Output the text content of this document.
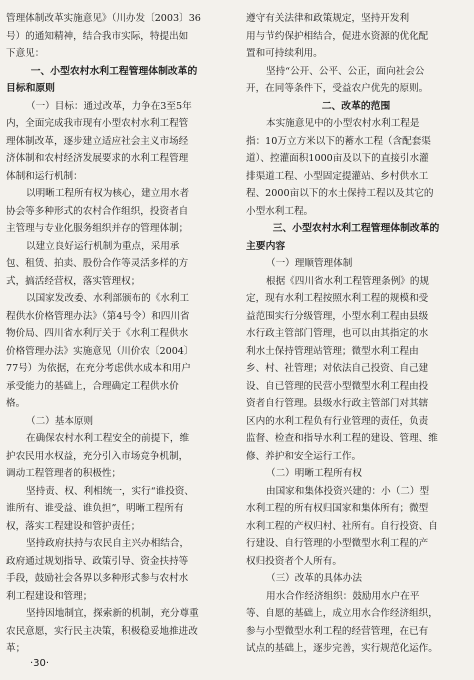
管理体制改革实施意见》（川办发〔2003〕36
号）的通知精神，结合我市实际，特提出如
下意见：
一、小型农村水利工程管理体制改革的
目标和原则
（一）目标：通过改革，力争在3至5年
内，全面完成我市现有小型农村水利工程管
理体制改革，逐步建立适应社会主义市场经
济体制和农村经济发展要求的水利工程管理
体制和运行机制：
以明晰工程所有权为核心，建立用水者
协会等多种形式的农村合作组织，投资者自
主管理与专业化服务组织并存的管理体制；
以建立良好运行机制为重点，采用承
包、租赁、拍卖、股份合作等灵活多样的方
式，搞活经营权，落实管理权；
以国家发改委、水利部颁布的《水利工
程供水价格管理办法》（第4号令）和四川省
物价局、四川省水利厅关于《水利工程供水
价格管理办法》实施意见（川价农〔2004〕
77号）为依据，在充分考虑供水成本和用户
承受能力的基础上，合理确定工程供水价
格。
（二）基本原则
在确保农村水利工程安全的前提下，维
护农民用水权益，充分引入市场竞争机制，
调动工程管理者的积极性；
坚持责、权、利相统一，实行“谁投资、
谁所有、谁受益、谁负担”，明晰工程所有
权，落实工程建设和管护责任；
坚持政府扶持与农民自主兴办相结合，
政府通过规划指导、政策引导、资金扶持等
手段，鼓励社会各界以多种形式参与农村水
利工程建设和管理；
坚持因地制宜，探索新的机制，充分尊重
农民意愿，实行民主决策，积极稳妥地推进改
革；
遵守有关法律和政策规定，坚持开发利
用与节约保护相结合，促进水资源的优化配
置和可持续利用。
坚持“公开、公平、公正，面向社会公
开，在同等条件下，受益农户优先的原则。
二、改革的范围
本实施意见中的小型农村水利工程是
指：10万立方米以下的蓄水工程（含配套渠
道）、控灌面积1000亩及以下的直接引水灌
排渠道工程、小型固定提灌站、乡村供水工
程、2000亩以下的水土保持工程以及其它的
小型水利工程。
三、小型农村水利工程管理体制改革的
主要内容
（一）理顺管理体制
根据《四川省水利工程管理条例》的规
定，现有水利工程按照水利工程的规模和受
益范围实行分级管理，小型水利工程由县级
水行政主管部门管理，也可以由其指定的水
利水土保持管理站管理；微型水利工程由
乡、村、社管理；对依法自己投资、自己建
设、自已管理的民营小型微型水利工程由投
资者自行管理。县级水行政主管部门对其辖
区内的水利工程负有行业管理的责任，负责
监督、检查和指导水利工程的建设、管理、维
修、养护和安全运行工作。
（二）明晰工程所有权
由国家和集体投资兴建的：小（二）型
水利工程的所有权归国家和集体所有；微型
水利工程的产权归村、社所有。自行投资、自
行建设、自行管理的小型微型水利工程的产
权归投资者个人所有。
（三）改革的具体办法
用水合作经济组织：鼓励用水户在平
等、自愿的基础上，成立用水合作经济组织，
参与小型微型水利工程的经营管理，在已有
试点的基础上，逐步完善，实行规范化运作。
·30·
